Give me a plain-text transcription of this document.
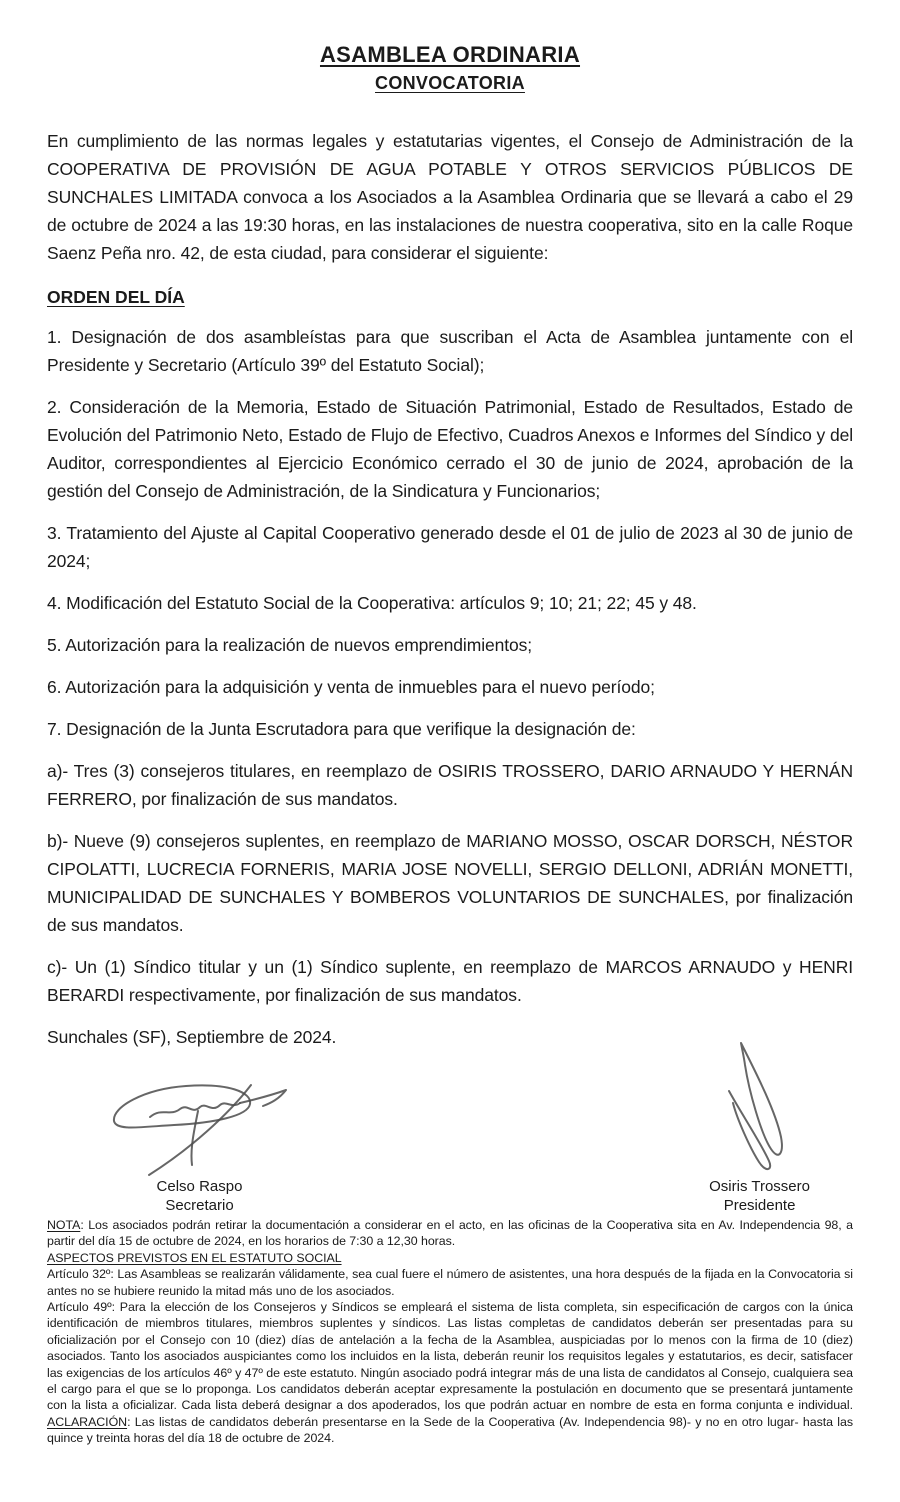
ASAMBLEA ORDINARIA
CONVOCATORIA

En cumplimiento de las normas legales y estatutarias vigentes, el Consejo de Administración de la COOPERATIVA DE PROVISIÓN DE AGUA POTABLE Y OTROS SERVICIOS PÚBLICOS DE SUNCHALES LIMITADA convoca a los Asociados a la Asamblea Ordinaria que se llevará a cabo el 29 de octubre de 2024 a las 19:30 horas, en las instalaciones de nuestra cooperativa, sito en la calle Roque Saenz Peña nro. 42, de esta ciudad, para considerar el siguiente:

ORDEN DEL DÍA

1. Designación de dos asambleístas para que suscriban el Acta de Asamblea juntamente con el Presidente y Secretario (Artículo 39º del Estatuto Social);

2. Consideración de la Memoria, Estado de Situación Patrimonial, Estado de Resultados, Estado de Evolución del Patrimonio Neto, Estado de Flujo de Efectivo, Cuadros Anexos e Informes del Síndico y del Auditor, correspondientes al Ejercicio Económico cerrado el 30 de junio de 2024, aprobación de la gestión del Consejo de Administración, de la Sindicatura y Funcionarios;

3. Tratamiento del Ajuste al Capital Cooperativo generado desde el 01 de julio de 2023 al 30 de junio de 2024;

4. Modificación del Estatuto Social de la Cooperativa: artículos 9; 10; 21; 22; 45 y 48.

5. Autorización para la realización de nuevos emprendimientos;

6. Autorización para la adquisición y venta de inmuebles para el nuevo período;

7. Designación de la Junta Escrutadora para que verifique la designación de:

a)- Tres (3) consejeros titulares, en reemplazo de OSIRIS TROSSERO, DARIO ARNAUDO Y HERNÁN FERRERO, por finalización de sus mandatos.

b)- Nueve (9) consejeros suplentes, en reemplazo de MARIANO MOSSO, OSCAR DORSCH, NÉSTOR CIPOLATTI, LUCRECIA FORNERIS, MARIA JOSE NOVELLI, SERGIO DELLONI, ADRIÁN MONETTI, MUNICIPALIDAD DE SUNCHALES Y BOMBEROS VOLUNTARIOS DE SUNCHALES, por finalización de sus mandatos.

c)- Un (1) Síndico titular y un (1) Síndico suplente, en reemplazo de MARCOS ARNAUDO y HENRI BERARDI respectivamente, por finalización de sus mandatos.

Sunchales (SF), Septiembre de 2024.

Celso Raspo
Secretario
Osiris Trossero
Presidente

NOTA: Los asociados podrán retirar la documentación a considerar en el acto, en las oficinas de la Cooperativa sita en Av. Independencia 98, a partir del día 15 de octubre de 2024, en los horarios de 7:30 a 12,30 horas.

ASPECTOS PREVISTOS EN EL ESTATUTO SOCIAL

Artículo 32º: Las Asambleas se realizarán válidamente, sea cual fuere el número de asistentes, una hora después de la fijada en la Convocatoria si antes no se hubiere reunido la mitad más uno de los asociados.

Artículo 49º: Para la elección de los Consejeros y Síndicos se empleará el sistema de lista completa, sin especificación de cargos con la única identificación de miembros titulares, miembros suplentes y síndicos. Las listas completas de candidatos deberán ser presentadas para su oficialización por el Consejo con 10 (diez) días de antelación a la fecha de la Asamblea, auspiciadas por lo menos con la firma de 10 (diez) asociados. Tanto los asociados auspiciantes como los incluidos en la lista, deberán reunir los requisitos legales y estatutarios, es decir, satisfacer las exigencias de los artículos 46º y 47º de este estatuto. Ningún asociado podrá integrar más de una lista de candidatos al Consejo, cualquiera sea el cargo para el que se lo proponga. Los candidatos deberán aceptar expresamente la postulación en documento que se presentará juntamente con la lista a oficializar. Cada lista deberá designar a dos apoderados, los que podrán actuar en nombre de esta en forma conjunta e individual. ACLARACIÓN: Las listas de candidatos deberán presentarse en la Sede de la Cooperativa (Av. Independencia 98)- y no en otro lugar- hasta las quince y treinta horas del día 18 de octubre de 2024.
